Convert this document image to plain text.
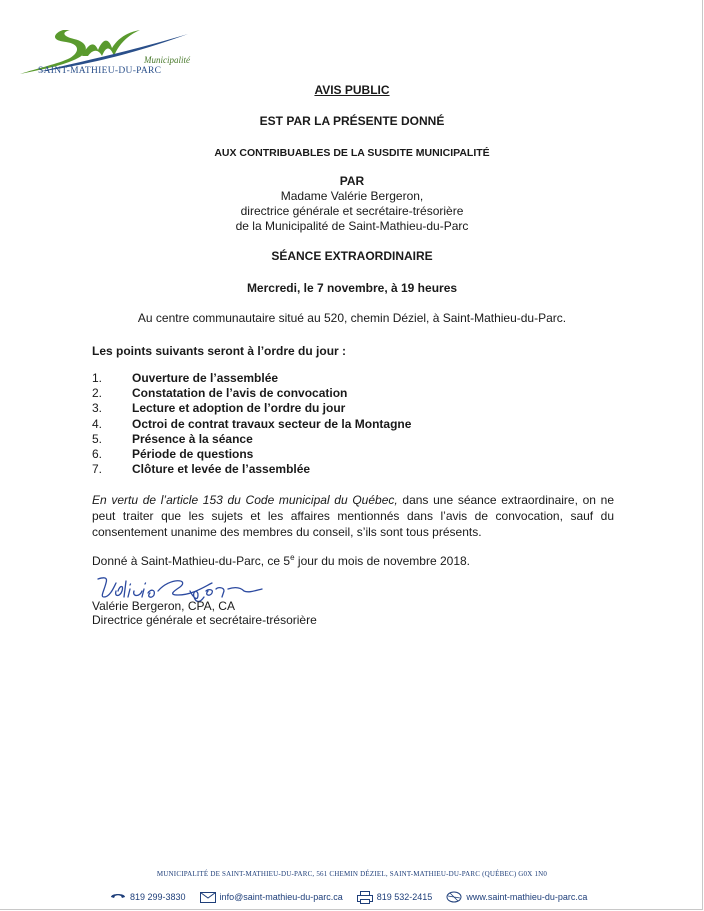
Municipalité
SAINT-MATHIEU-DU-PARC
AVIS PUBLIC
EST PAR LA PRÉSENTE DONNÉ
AUX CONTRIBUABLES DE LA SUSDITE MUNICIPALITÉ
PAR
Madame Valérie Bergeron,
directrice générale et secrétaire-trésorière
de la Municipalité de Saint-Mathieu-du-Parc
SÉANCE EXTRAORDINAIRE
Mercredi, le 7 novembre, à 19 heures
Au centre communautaire situé au 520, chemin Déziel, à Saint-Mathieu-du-Parc.
Les points suivants seront à l’ordre du jour :
1. Ouverture de l’assemblée
2. Constatation de l’avis de convocation
3. Lecture et adoption de l’ordre du jour
4. Octroi de contrat travaux secteur de la Montagne
5. Présence à la séance
6. Période de questions
7. Clôture et levée de l’assemblée
En vertu de l’article 153 du Code municipal du Québec, dans une séance extraordinaire, on ne peut traiter que les sujets et les affaires mentionnés dans l’avis de convocation, sauf du consentement unanime des membres du conseil, s’ils sont tous présents.
Donné à Saint-Mathieu-du-Parc, ce 5e jour du mois de novembre 2018.
Valérie Bergeron, CPA, CA
Directrice générale et secrétaire-trésorière
MUNICIPALITÉ DE SAINT-MATHIEU-DU-PARC, 561 CHEMIN DÉZIEL, SAINT-MATHIEU-DU-PARC (QUÉBEC) G0X 1N0
819 299-3830	info@saint-mathieu-du-parc.ca	819 532-2415	www.saint-mathieu-du-parc.ca
